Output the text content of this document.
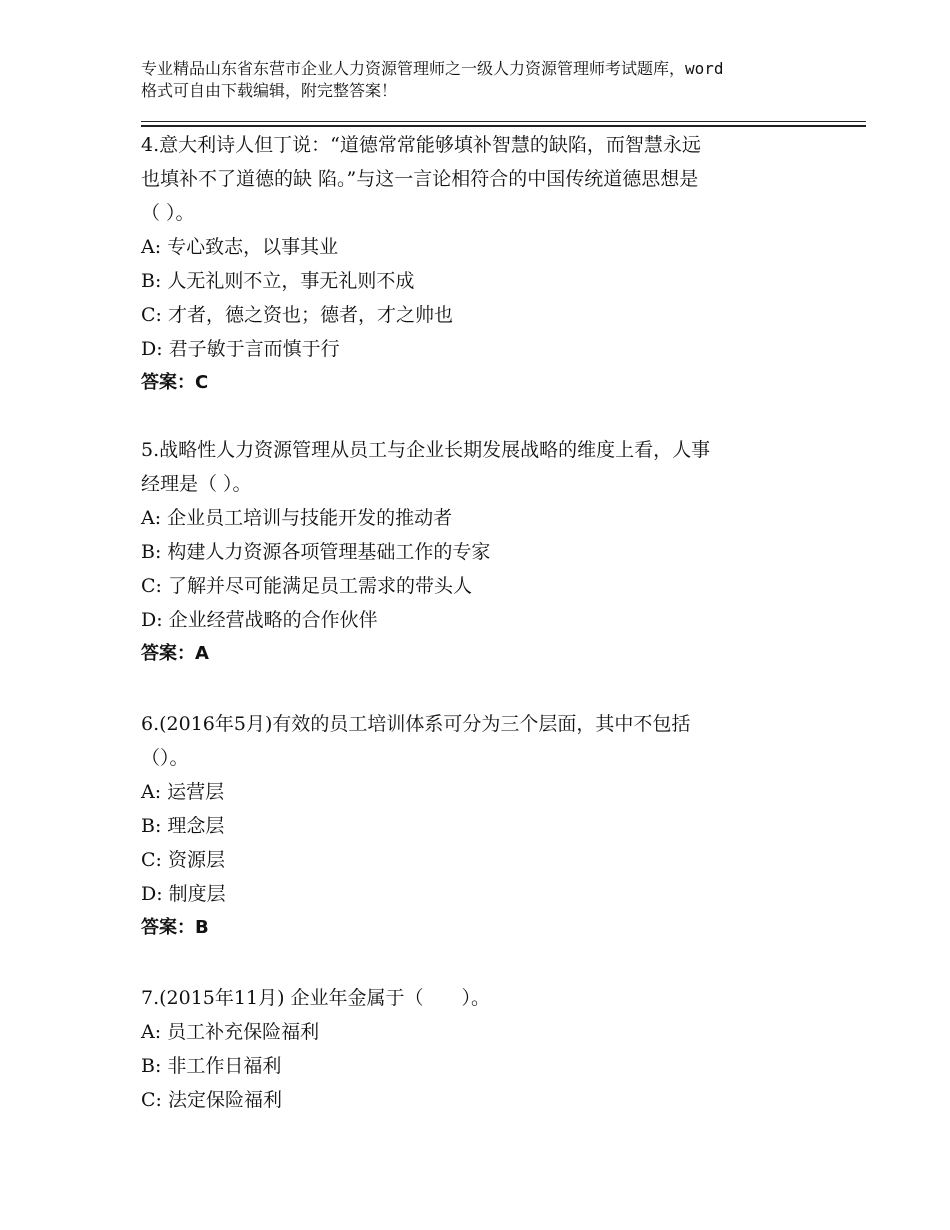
专业精品山东省东营市企业人力资源管理师之一级人力资源管理师考试题库，word
格式可自由下载编辑，附完整答案！
4.意大利诗人但丁说：“道德常常能够填补智慧的缺陷，而智慧永远
也填补不了道德的缺 陷。”与这一言论相符合的中国传统道德思想是
（ ）。
A: 专心致志，以事其业
B: 人无礼则不立，事无礼则不成
C: 才者，德之资也；德者，才之帅也
D: 君子敏于言而慎于行
答案：C
5.战略性人力资源管理从员工与企业长期发展战略的维度上看，人事
经理是（ ）。
A: 企业员工培训与技能开发的推动者
B: 构建人力资源各项管理基础工作的专家
C: 了解并尽可能满足员工需求的带头人
D: 企业经营战略的合作伙伴
答案：A
6.(2016年5月)有效的员工培训体系可分为三个层面，其中不包括
（）。
A: 运营层
B: 理念层
C: 资源层
D: 制度层
答案：B
7.(2015年11月) 企业年金属于（　　）。
A: 员工补充保险福利
B: 非工作日福利
C: 法定保险福利
